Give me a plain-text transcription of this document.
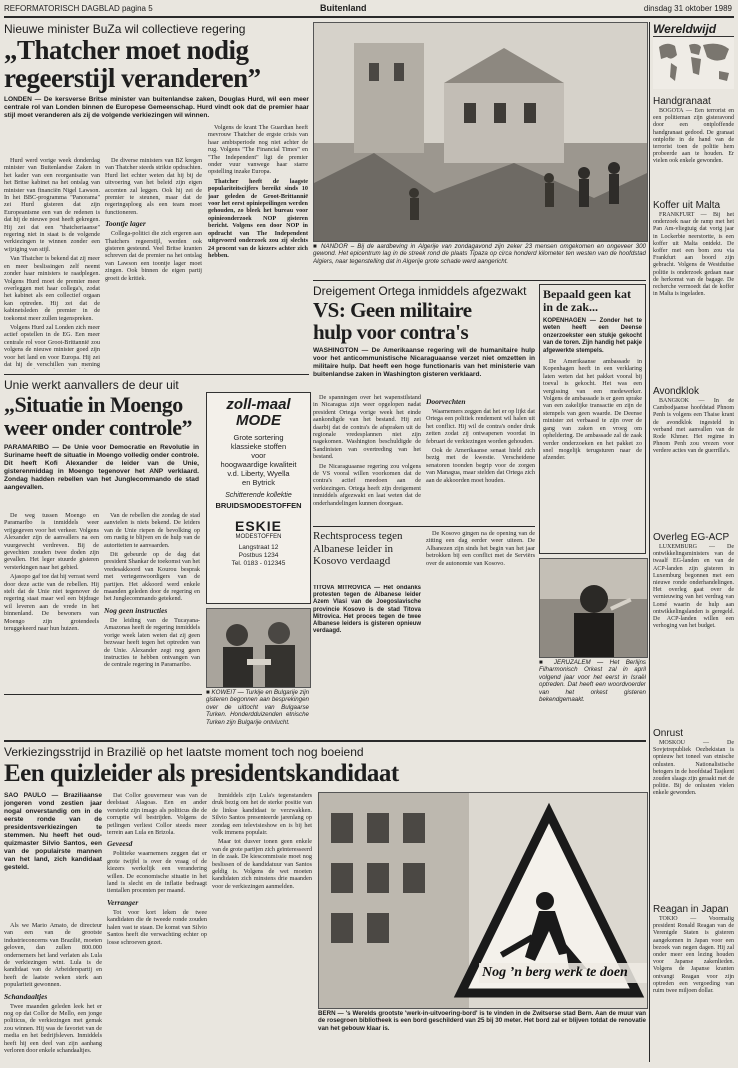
REFORMATORISCH DAGBLAD pagina 5	Buitenland	dinsdag 31 oktober 1989
Nieuwe minister BuZa wil collectieve regering
„Thatcher moet nodig
regeerstijl veranderen”
LONDEN — De kersverse Britse minister van buitenlandse zaken, Douglas Hurd, wil een meer centrale rol van Londen binnen de Europese Gemeenschap. Hurd vindt ook dat de premier haar stijl moet veranderen als zij de volgende verkiezingen wil winnen.

Hurd werd vorige week donderdag minister van Buitenlandse Zaken in het kader van een reorganisatie van het Britse kabinet na het ontslag van minister van financiën Nigel Lawson. In het BBC-programma "Panorama" zei Hurd gisteren dat zijn Europeanisme een van de redenen is dat hij de nieuwe post heeft gekregen. Hij zei dat een "thatcheriaanse" regering niet in staat is de volgende verkiezingen te winnen zonder een wijziging van stijl.

Van Thatcher is bekend dat zij meer en meer beslissingen zelf neemt zonder haar ministers te raadplegen. Volgens Hurd moet de premier meer overleggen met haar collega's, zodat het kabinet als een collectief orgaan kan optreden. Hij zei dat de kabinetsleden de premier in de toekomst meer zullen tegenspreken.

Volgens Hurd zal Londen zich meer actief opstellen in de EG. Een meer centrale rol voor Groot-Brittannië zou volgens de nieuwe minister goed zijn voor het land en voor Europa. Hij zei dat hij de verschillen van mening

De diverse ministers van BZ kregen van Thatcher steeds strikte opdrachten. Hurd liet echter weten dat hij bij de uitvoering van het beleid zijn eigen accenten zal leggen. Ook hij zei de premier te steunen, maar dat de regeringsploeg als een team moet functioneren.

Toontje lager

Collega-politici die zich ergeren aan Thatchers regeerstijl, werden ook gisteren gesteund. Veel Britse kranten schreven dat de premier na het ontslag van Lawson een toontje lager moet zingen. Ook binnen de eigen partij groeit de kritiek.

Volgens de krant The Guardian heeft mevrouw Thatcher de ergste crisis van haar ambtsperiode nog niet achter de rug. Volgens "The Financial Times" en "The Independent" ligt de premier onder vuur vanwege haar starre opstelling inzake Europa.

Thatcher heeft de laagste populariteitscijfers bereikt sinds 10 jaar geleden de Groot-Brittannië voor het eerst opiniepeilingen werden gehouden, zo bleek het bureau voor opinieonderzoek NOP gisteren bericht. Volgens een door NOP in opdracht van The Independent uitgevoerd onderzoek zou zij slechts 24 procent van de kiezers achter zich hebben.

■ NANDOR – Bij de aardbeving in Algerije van zondagavond zijn zeker 23 mensen omgekomen en ongeveer 300 gewond. Het epicentrum lag in de streek rond de plaats Tipaza op circa honderd kilometer ten westen van de hoofdstad Algiers, naar tegenstelling dat in Algerije grote schade werd aangericht.
Wereldwijd
Handgranaat

BOGOTA — Een terrorist en een politieman zijn gisteravond door een ontploffende handgranaat gedood. De granaat ontplofte in de hand van de terrorist toen de politie hem probeerde aan te houden. Er vielen ook enkele gewonden.

Koffer uit Malta

FRANKFURT — Bij het onderzoek naar de ramp met het Pan Am-vliegtuig dat vorig jaar in Lockerbie neerstortte, is een koffer uit Malta ontdekt. De koffer met een bom zou via Frankfurt aan boord zijn gebracht. Volgens de Westduitse politie is onderzoek gedaan naar de herkomst van de bagage. De recherche vermoedt dat de koffer in Malta is ingeladen.

Avondklok

BANGKOK — In de Cambodjaanse hoofdstad Phnom Penh is volgens een Thaise krant de avondklok ingesteld in verband met aanvallen van de Rode Khmer. Het regime in Phnom Penh zou vrezen voor verdere acties van de guerrilla's.

Overleg EG-ACP

LUXEMBURG — De ontwikkelingsministers van de twaalf EG-landen en van de ACP-landen zijn gisteren in Luxemburg begonnen met een nieuwe ronde onderhandelingen. Het overleg gaat over de vernieuwing van het verdrag van Lomé waarin de hulp aan ontwikkelingslanden is geregeld. De ACP-landen willen een verhoging van het budget.

Onrust

MOSKOU — De Sovjetrepubliek Oezbekistan is opnieuw het toneel van etnische onlusten. Nationalistische betogers in de hoofdstad Tasjkent zouden slaags zijn geraakt met de politie. Bij de onlusten vielen enkele gewonden.

Reagan in Japan

TOKIO — Voormalig president Ronald Reagan van de Verenigde Staten is gisteren aangekomen in Japan voor een bezoek van negen dagen. Hij zal onder meer een lezing houden voor Japanse zakenlieden. Volgens de Japanse kranten ontvangt Reagan voor zijn optreden een vergoeding van ruim twee miljoen dollar.

Dreigement Ortega inmiddels afgezwakt
VS: Geen militaire
hulp voor contra's
WASHINGTON — De Amerikaanse regering wil de humanitaire hulp voor het anticommunistische Nicaraguaanse verzet niet omzetten in militaire hulp. Dat heeft een hoge functionaris van het ministerie van buitenlandse zaken in Washington gisteren verklaard.

De spanningen over het wapenstilstand in Nicaragua zijn weer opgelopen nadat president Ortega vorige week het einde aankondigde van het bestand. Hij zei daarbij dat de contra's de afspraken uit de regionale vredesplannen niet zijn nagekomen. Washington beschuldigde de Sandinisten van overtreding van het bestand.

De Nicaraguaanse regering zou volgens de VS vooral willen voorkomen dat de contra's actief meedoen aan de verkiezingen. Ortega heeft zijn dreigement inmiddels afgezwakt en laat weten dat de onderhandelingen kunnen doorgaan.

Doorvechten

Waarnemers zeggen dat het er op lijkt dat Ortega een politiek rendement wil halen uit het conflict. Hij wil de contra's onder druk zetten zodat zij ontwapenen voordat in februari de verkiezingen worden gehouden.

Ook de Amerikaanse senaat hield zich bezig met de kwestie. Verscheidene senatoren toonden begrip voor de zorgen van Managua, maar stelden dat Ortega zich aan de akkoorden moet houden.

Bepaald geen kat in de zak...
KOPENHAGEN — Zonder het te weten heeft een Deense onzerzoekster een stukje gekocht van de toren. Zijn handig het pakje afgewerkte stempels.

De Amerikaanse ambassade in Kopenhagen heeft in een verklaring laten weten dat het pakket vooral bij toeval is gekocht. Het was een vergissing van een medewerker. Volgens de ambassade is er geen sprake van een zakelijke transactie en zijn de stempels van geen waarde. De Deense minister zei verbaasd te zijn over de gang van zaken en vroeg om opheldering. De ambassade zal de zaak verder onderzoeken en het pakket zo snel mogelijk terugsturen naar de afzender.

Unie werkt aanvallers de deur uit
„Situatie in Moengo
weer onder controle”
PARAMARIBO — De Unie voor Democratie en Revolutie in Suriname heeft de situatie in Moengo volledig onder controle. Dit heeft Kofi Alexander de leider van de Unie, gisterenmiddag in Moengo tegenover het ANP verklaard. Zondag hadden rebellen van het Junglecommando de stad aangevallen.

De weg tussen Moengo en Paramaribo is inmiddels weer vrijgegeven voor het verkeer. Volgens Alexander zijn de aanvallers na een vuurgevecht verdreven. Bij de gevechten zouden twee doden zijn gevallen. Het leger stuurde gisteren versterkingen naar het gebied.

Ajasopo gaf toe dat hij verrast werd door deze actie van de rebellen. Hij stelt dat de Unie niet tegenover de regering staat maar wel een bijdrage wil leveren aan de vrede in het binnenland. De bewoners van Moengo zijn grotendeels teruggekeerd naar hun huizen.

Van de rebellen die zondag de stad aanvielen is niets bekend. De leiders van de Unie riepen de bevolking op om rustig te blijven en de hulp van de autoriteiten te aanvaarden.

Dit gebeurde op de dag dat president Shankar de toekomst van het vredesakkoord van Kourou besprak met vertegenwoordigers van de partijen. Het akkoord werd enkele maanden geleden door de regering en het Junglecommando getekend.

Nog geen instructies

De leiding van de Tucayana-Amazonas heeft de regering inmiddels vorige week laten weten dat zij geen bezwaar heeft tegen het optreden van de Unie. Alexander zegt nog geen instructies te hebben ontvangen van de centrale regering in Paramaribo.

zoll-maal MODE
Grote sortering
klassieke stoffen
voor
hoogwaardige kwaliteit
v.d. Liberty, Wyella
en Bytrick
Schitterende kollektie
BRUIDSMODESTOFFEN
ESKIE
MODESTOFFEN
Langstraat 12
Postbus 1234
Tel. 0183 - 012345
Rechtsprocess tegen Albanese leider in Kosovo verdaagd
TITOVA MITROVICA — Het ondanks protesten tegen de Albanese leider Azem Vlasi van de Joegoslavische provincie Kosovo is de stad Titova Mitrovica. Het proces tegen de twee Albanese leiders is gisteren opnieuw verdaagd.

De Kosovo gingen na de opening van de zitting een dag eerder weer uiteen. De Albanezen zijn sinds het begin van het jaar betrokken bij een conflict met de Serviërs over de autonomie van Kosovo.

■ KOWEIT — Turkije en Bulgarije zijn gisteren begonnen aan besprekingen over de uittocht van Bulgaarse Turken. Honderdduizenden etnische Turken zijn Bulgarije ontvlucht.
■ JERUZALEM — Het Berlijns Filharmonisch Orkest zal in april volgend jaar voor het eerst in Israël optreden. Dat heeft een woordvoerder van het orkest gisteren bekendgemaakt.
Verkiezingsstrijd in Brazilië op het laatste moment toch nog boeiend
Een quizleider als presidentskandidaat
SAO PAULO — Braziliaanse jongeren vond zestien jaar nogal onverstandig om in de eerste ronde van de presidentsverkiezingen te stemmen. Nu heeft het oud-quizmaster Silvio Santos, een van de populairste mannen van het land, zich kandidaat gesteld.

Als we Mario Amato, de directeur van een van de grootste industrieconcerns van Brazilië, moeten geloven, dan zullen 800.000 ondernemers het land verlaten als Lula de verkiezingen wint. Lula is de kandidaat van de Arbeiderspartij en heeft de laatste weken sterk aan populariteit gewonnen.

Schandaaltjes

Twee maanden geleden leek het er nog op dat Collor de Mello, een jonge politicus, de verkiezingen met gemak zou winnen. Hij was de favoriet van de media en het bedrijfsleven. Inmiddels heeft hij een deel van zijn aanhang verloren door enkele schandaaltjes.

Dat Collor gouverneur was van de deelstaat Alagoas. Een en ander versterkt zijn imago als politicus die de corruptie wil bestrijden. Volgens de peilingen verliest Collor steeds meer terrein aan Lula en Brizola.

Geveesd

Politieke waarnemers zeggen dat er grote twijfel is over de vraag of de kiezers werkelijk een verandering willen. De economische situatie in het land is slecht en de inflatie bedraagt tientallen procenten per maand.

Verranger

Tot voor kort leken de twee kandidaten die de tweede ronde zouden halen vast te staan. De komst van Silvio Santos heeft die verwachting echter op losse schroeven gezet.

Inmiddels zijn Lula's tegenstanders druk bezig om het de sterke positie van de linkse kandidaat te verzwakken. Silvio Santos presenteerde jarenlang op zondag een televisieshow en is bij het volk immens populair.

Maar tot dusver tonen geen enkele van de grote partijen zich geïnteresseerd in de zaak. De kiescommissie moet nog beslissen of de kandidatuur van Santos geldig is. Volgens de wet moeten kandidaten zich minstens drie maanden voor de verkiezingen aanmelden.

Nog ’n berg werk te doen
BERN — 's Werelds grootste 'werk-in-uitvoering-bord' is te vinden in de Zwitserse stad Bern. Aan de muur van de rosegroen bibliotheek is een bord geschilderd van 25 bij 30 meter. Het bord zal er blijven totdat de renovatie van het gebouw klaar is.
